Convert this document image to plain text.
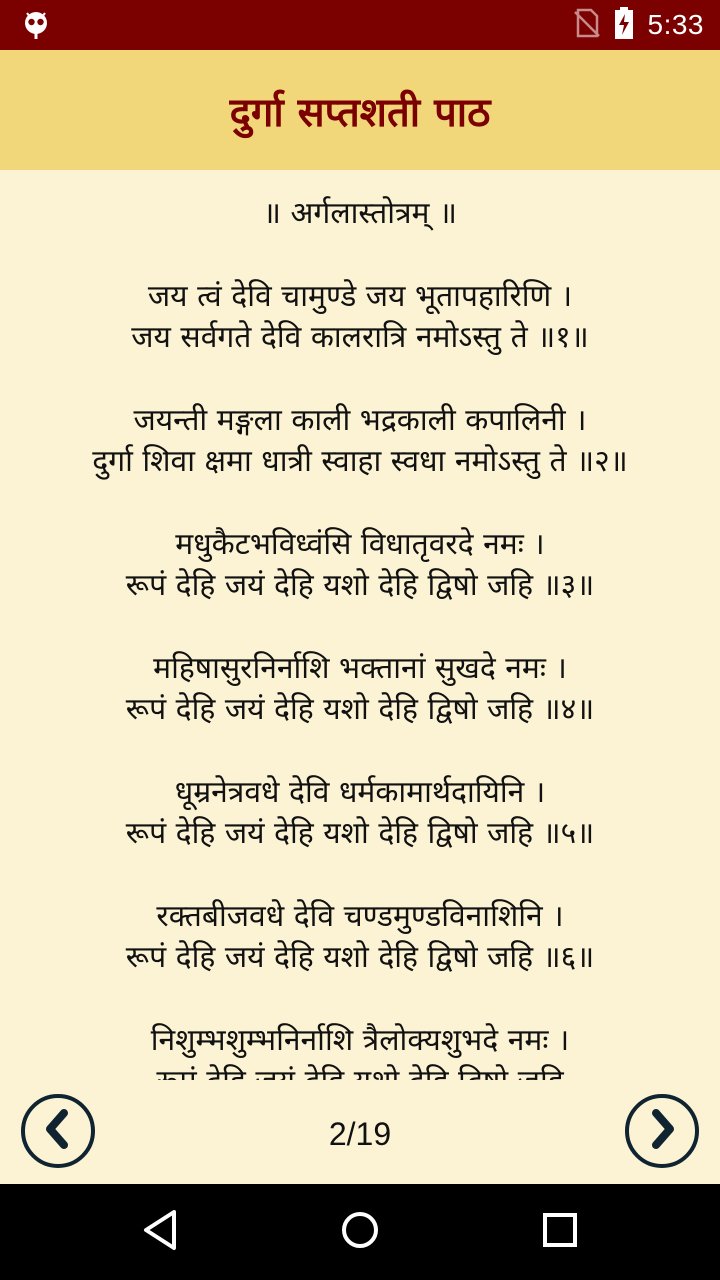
5:33
दुर्गा सप्तशती पाठ
॥ अर्गलास्तोत्रम् ॥
जय त्वं देवि चामुण्डे जय भूतापहारिणि ।
जय सर्वगते देवि कालरात्रि नमोऽस्तु ते ॥१॥
जयन्ती मङ्गला काली भद्रकाली कपालिनी ।
दुर्गा शिवा क्षमा धात्री स्वाहा स्वधा नमोऽस्तु ते ॥२॥
मधुकैटभविध्वंसि विधातृवरदे नमः ।
रूपं देहि जयं देहि यशो देहि द्विषो जहि ॥३॥
महिषासुरनिर्नाशि भक्तानां सुखदे नमः ।
रूपं देहि जयं देहि यशो देहि द्विषो जहि ॥४॥
धूम्रनेत्रवधे देवि धर्मकामार्थदायिनि ।
रूपं देहि जयं देहि यशो देहि द्विषो जहि ॥५॥
रक्तबीजवधे देवि चण्डमुण्डविनाशिनि ।
रूपं देहि जयं देहि यशो देहि द्विषो जहि ॥६॥
निशुम्भशुम्भनिर्नाशि त्रैलोक्यशुभदे नमः ।
2/19
